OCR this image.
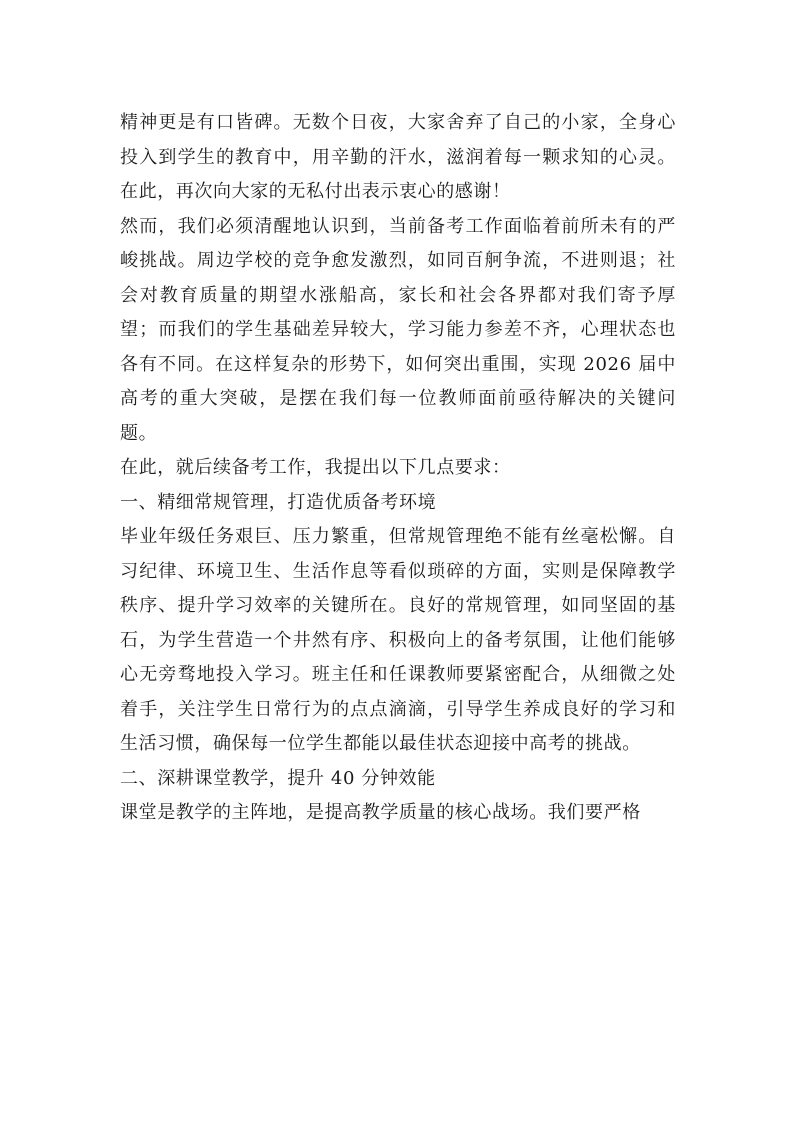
精神更是有口皆碑。无数个日夜，大家舍弃了自己的小家，全身心投入到学生的教育中，用辛勤的汗水，滋润着每一颗求知的心灵。在此，再次向大家的无私付出表示衷心的感谢！

然而，我们必须清醒地认识到，当前备考工作面临着前所未有的严峻挑战。周边学校的竞争愈发激烈，如同百舸争流，不进则退；社会对教育质量的期望水涨船高，家长和社会各界都对我们寄予厚望；而我们的学生基础差异较大，学习能力参差不齐，心理状态也各有不同。在这样复杂的形势下，如何突出重围，实现 2026 届中高考的重大突破，是摆在我们每一位教师面前亟待解决的关键问题。

在此，就后续备考工作，我提出以下几点要求：

一、精细常规管理，打造优质备考环境

毕业年级任务艰巨、压力繁重，但常规管理绝不能有丝毫松懈。自习纪律、环境卫生、生活作息等看似琐碎的方面，实则是保障教学秩序、提升学习效率的关键所在。良好的常规管理，如同坚固的基石，为学生营造一个井然有序、积极向上的备考氛围，让他们能够心无旁骛地投入学习。班主任和任课教师要紧密配合，从细微之处着手，关注学生日常行为的点点滴滴，引导学生养成良好的学习和生活习惯，确保每一位学生都能以最佳状态迎接中高考的挑战。

二、深耕课堂教学，提升 40 分钟效能

课堂是教学的主阵地，是提高教学质量的核心战场。我们要严格
